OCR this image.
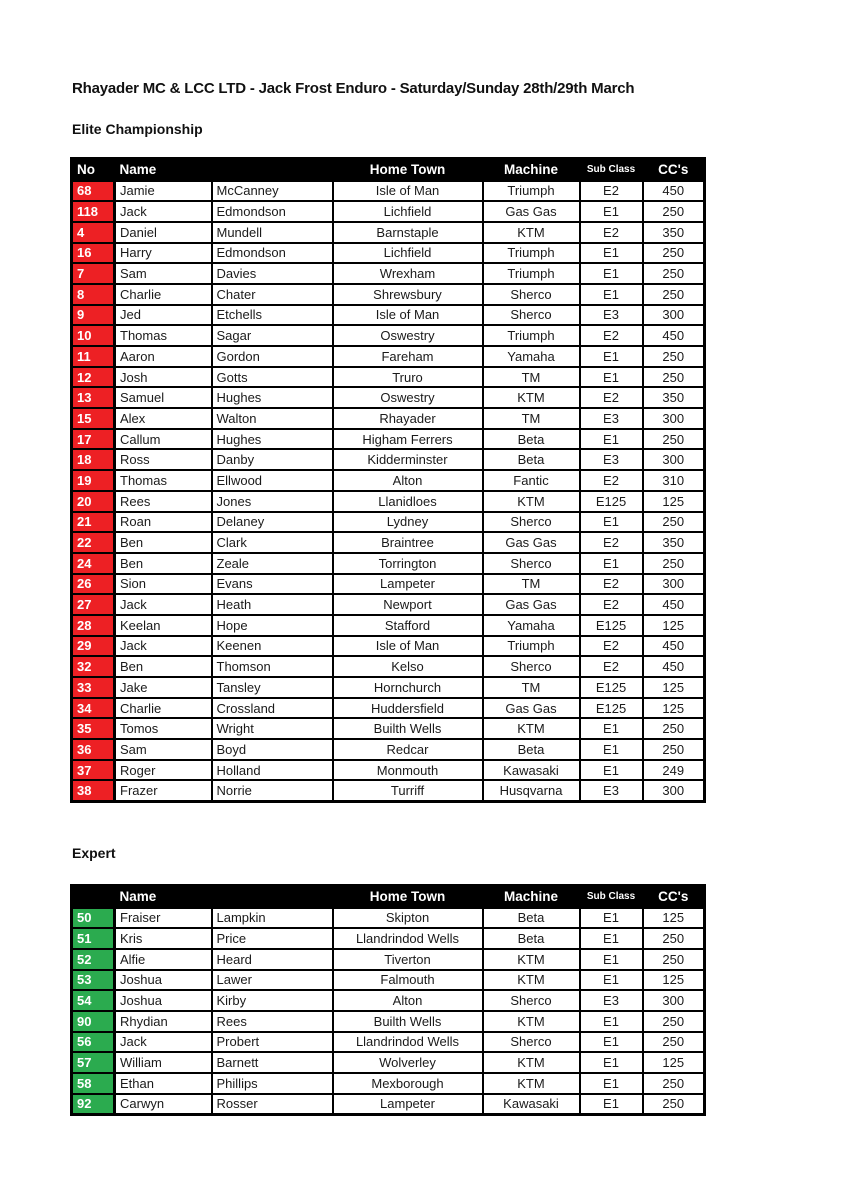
Rhayader MC & LCC LTD - Jack Frost Enduro - Saturday/Sunday 28th/29th March
Elite Championship
No	Name		Home Town	Machine	Sub Class	CC's
68	Jamie	McCanney	Isle of Man	Triumph	E2	450
118	Jack	Edmondson	Lichfield	Gas Gas	E1	250
4	Daniel	Mundell	Barnstaple	KTM	E2	350
16	Harry	Edmondson	Lichfield	Triumph	E1	250
7	Sam	Davies	Wrexham	Triumph	E1	250
8	Charlie	Chater	Shrewsbury	Sherco	E1	250
9	Jed	Etchells	Isle of Man	Sherco	E3	300
10	Thomas	Sagar	Oswestry	Triumph	E2	450
11	Aaron	Gordon	Fareham	Yamaha	E1	250
12	Josh	Gotts	Truro	TM	E1	250
13	Samuel	Hughes	Oswestry	KTM	E2	350
15	Alex	Walton	Rhayader	TM	E3	300
17	Callum	Hughes	Higham Ferrers	Beta	E1	250
18	Ross	Danby	Kidderminster	Beta	E3	300
19	Thomas	Ellwood	Alton	Fantic	E2	310
20	Rees	Jones	Llanidloes	KTM	E125	125
21	Roan	Delaney	Lydney	Sherco	E1	250
22	Ben	Clark	Braintree	Gas Gas	E2	350
24	Ben	Zeale	Torrington	Sherco	E1	250
26	Sion	Evans	Lampeter	TM	E2	300
27	Jack	Heath	Newport	Gas Gas	E2	450
28	Keelan	Hope	Stafford	Yamaha	E125	125
29	Jack	Keenen	Isle of Man	Triumph	E2	450
32	Ben	Thomson	Kelso	Sherco	E2	450
33	Jake	Tansley	Hornchurch	TM	E125	125
34	Charlie	Crossland	Huddersfield	Gas Gas	E125	125
35	Tomos	Wright	Builth Wells	KTM	E1	250
36	Sam	Boyd	Redcar	Beta	E1	250
37	Roger	Holland	Monmouth	Kawasaki	E1	249
38	Frazer	Norrie	Turriff	Husqvarna	E3	300
Expert
	Name		Home Town	Machine	Sub Class	CC's
50	Fraiser	Lampkin	Skipton	Beta	E1	125
51	Kris	Price	Llandrindod Wells	Beta	E1	250
52	Alfie	Heard	Tiverton	KTM	E1	250
53	Joshua	Lawer	Falmouth	KTM	E1	125
54	Joshua	Kirby	Alton	Sherco	E3	300
90	Rhydian	Rees	Builth Wells	KTM	E1	250
56	Jack	Probert	Llandrindod Wells	Sherco	E1	250
57	William	Barnett	Wolverley	KTM	E1	125
58	Ethan	Phillips	Mexborough	KTM	E1	250
92	Carwyn	Rosser	Lampeter	Kawasaki	E1	250
